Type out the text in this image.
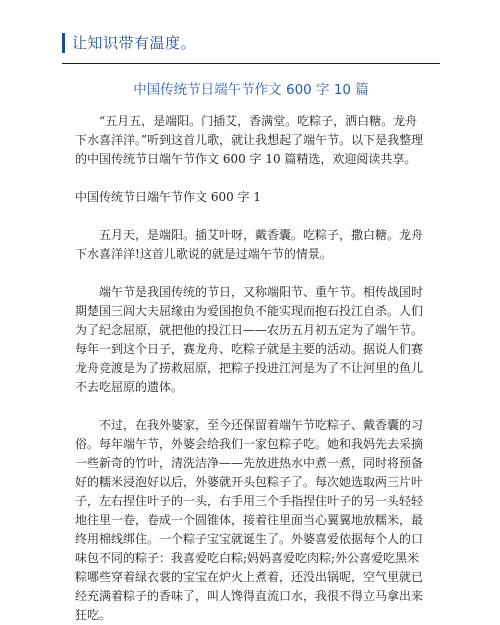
让知识带有温度。
中国传统节日端午节作文 600 字 10 篇

“五月五，是端阳。门插艾，香满堂。吃粽子，洒白糖。龙舟下水喜洋洋。”听到这首儿歌，就让我想起了端午节。以下是我整理的中国传统节日端午节作文 600 字 10 篇精选，欢迎阅读共享。

中国传统节日端午节作文 600 字 1

五月天，是端阳。插艾叶呀，戴香囊。吃粽子，撒白糖。龙舟下水喜洋洋!这首儿歌说的就是过端午节的情景。

端午节是我国传统的节日，又称端阳节、重午节。相传战国时期楚国三闾大夫屈缘由为爱国抱负不能实现而抱石投江自杀。人们为了纪念屈原，就把他的投江日——农历五月初五定为了端午节。每年一到这个日子，赛龙舟、吃粽子就是主要的活动。据说人们赛龙舟竞渡是为了捞救屈原，把粽子投进江河是为了不让河里的鱼儿不去吃屈原的遗体。

不过，在我外婆家，至今还保留着端午节吃粽子、戴香囊的习俗。每年端午节，外婆会给我们一家包粽子吃。她和我妈先去采摘一些新奇的竹叶，清洗洁净——先放进热水中煮一煮，同时将预备好的糯米浸泡好以后，外婆就开头包粽子了。每次她选取两三片叶子，左右捏住叶子的一头，右手用三个手指捏住叶子的另一头轻轻地往里一卷，卷成一个圆锥体，接着往里面当心翼翼地放糯米，最终用棉线绑住。一个粽子宝宝就诞生了。外婆喜爱依据每个人的口味包不同的粽子：我喜爱吃白粽;妈妈喜爱吃肉粽;外公喜爱吃黑米粽哪些穿着绿衣裳的宝宝在炉火上煮着，还没出锅呢，空气里就已经充满着粽子的香味了，叫人馋得直流口水，我很不得立马拿出来狂吃。
